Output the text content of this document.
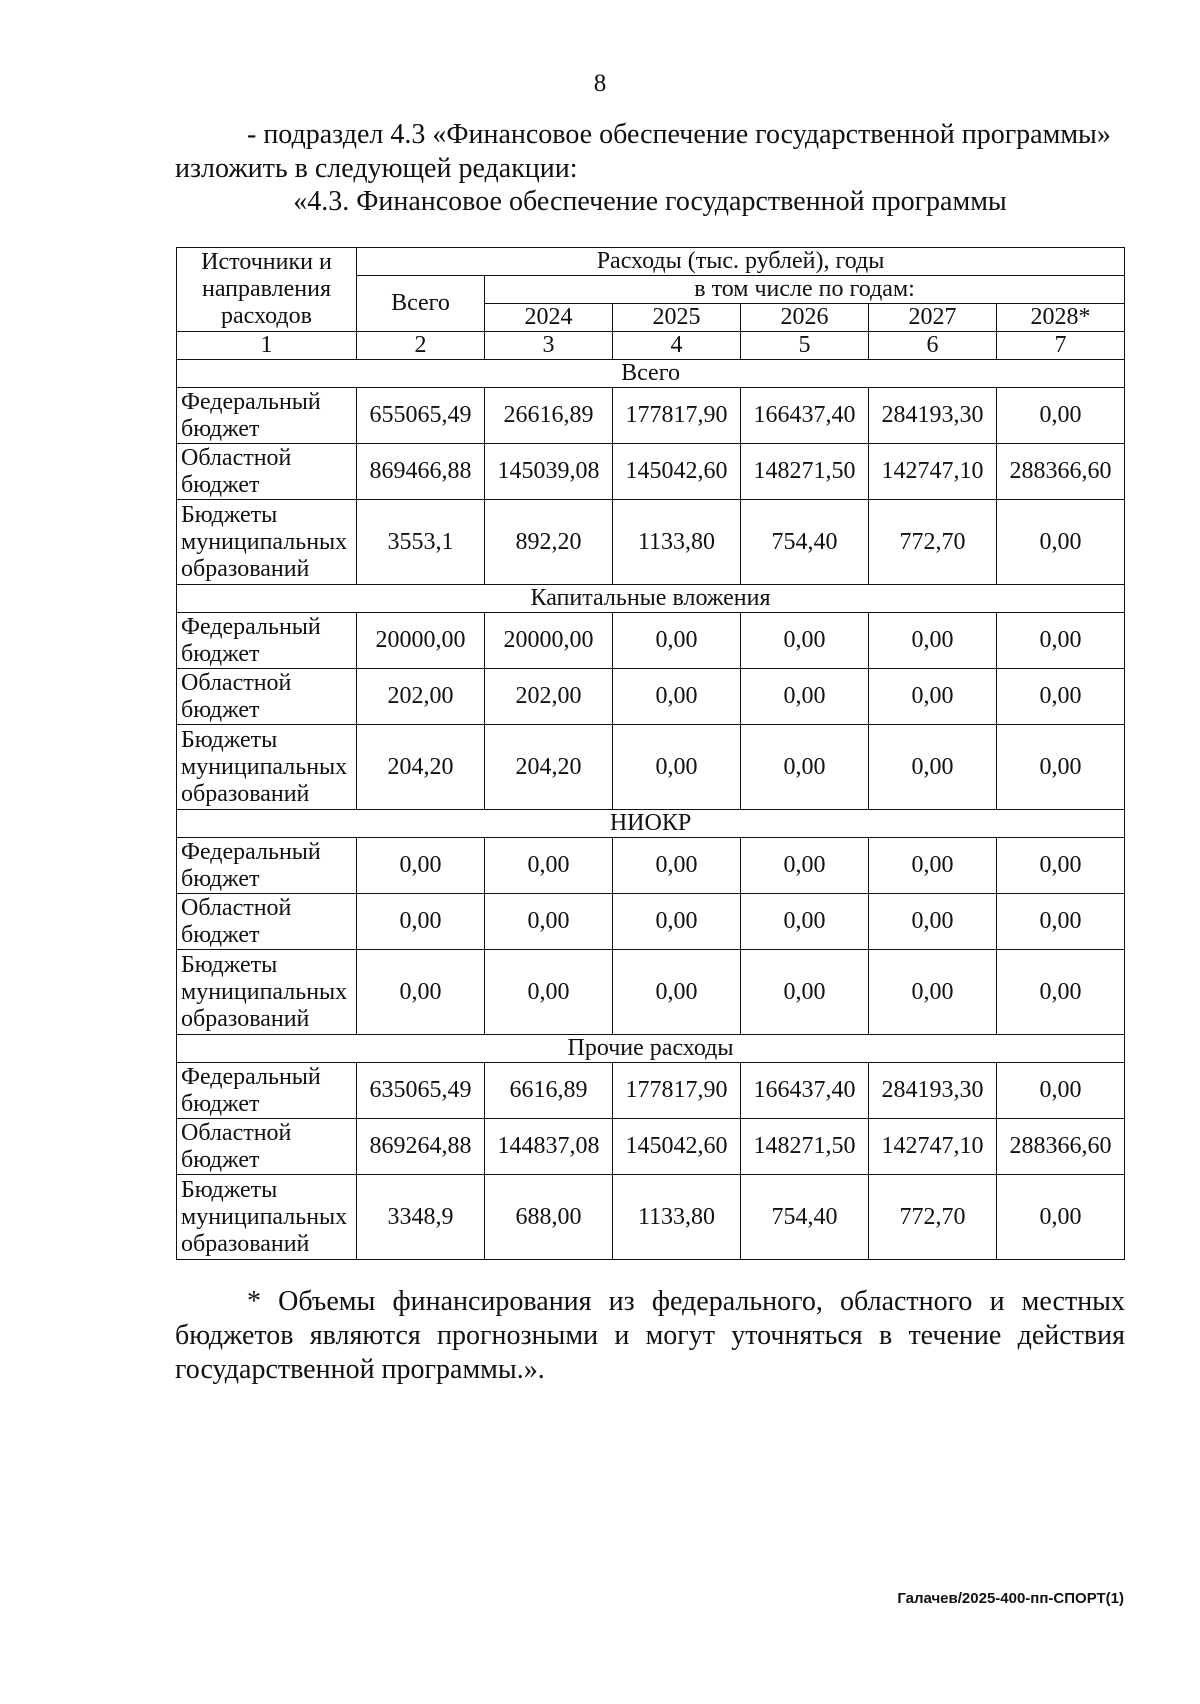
8

- подраздел 4.3 «Финансовое обеспечение государственной программы»

изложить в следующей редакции:

«4.3. Финансовое обеспечение государственной программы
Источники и направления расходов	Расходы (тыс. рублей), годы					
	Всего	в том числе по годам:				
		2024	2025	2026	2027	2028*
1	2	3	4	5	6	7
Всего						
Федеральный бюджет	655065,49	26616,89	177817,90	166437,40	284193,30	0,00
Областной бюджет	869466,88	145039,08	145042,60	148271,50	142747,10	288366,60
Бюджеты муниципальных образований	3553,1	892,20	1133,80	754,40	772,70	0,00
Капитальные вложения						
Федеральный бюджет	20000,00	20000,00	0,00	0,00	0,00	0,00
Областной бюджет	202,00	202,00	0,00	0,00	0,00	0,00
Бюджеты муниципальных образований	204,20	204,20	0,00	0,00	0,00	0,00
НИОКР						
Федеральный бюджет	0,00	0,00	0,00	0,00	0,00	0,00
Областной бюджет	0,00	0,00	0,00	0,00	0,00	0,00
Бюджеты муниципальных образований	0,00	0,00	0,00	0,00	0,00	0,00
Прочие расходы						
Федеральный бюджет	635065,49	6616,89	177817,90	166437,40	284193,30	0,00
Областной бюджет	869264,88	144837,08	145042,60	148271,50	142747,10	288366,60
Бюджеты муниципальных образований	3348,9	688,00	1133,80	754,40	772,70	0,00

* Объемы финансирования из федерального, областного и местных бюджетов являются прогнозными и могут уточняться в течение действия государственной программы.».

Галачев/2025-400-пп-СПОРТ(1)
